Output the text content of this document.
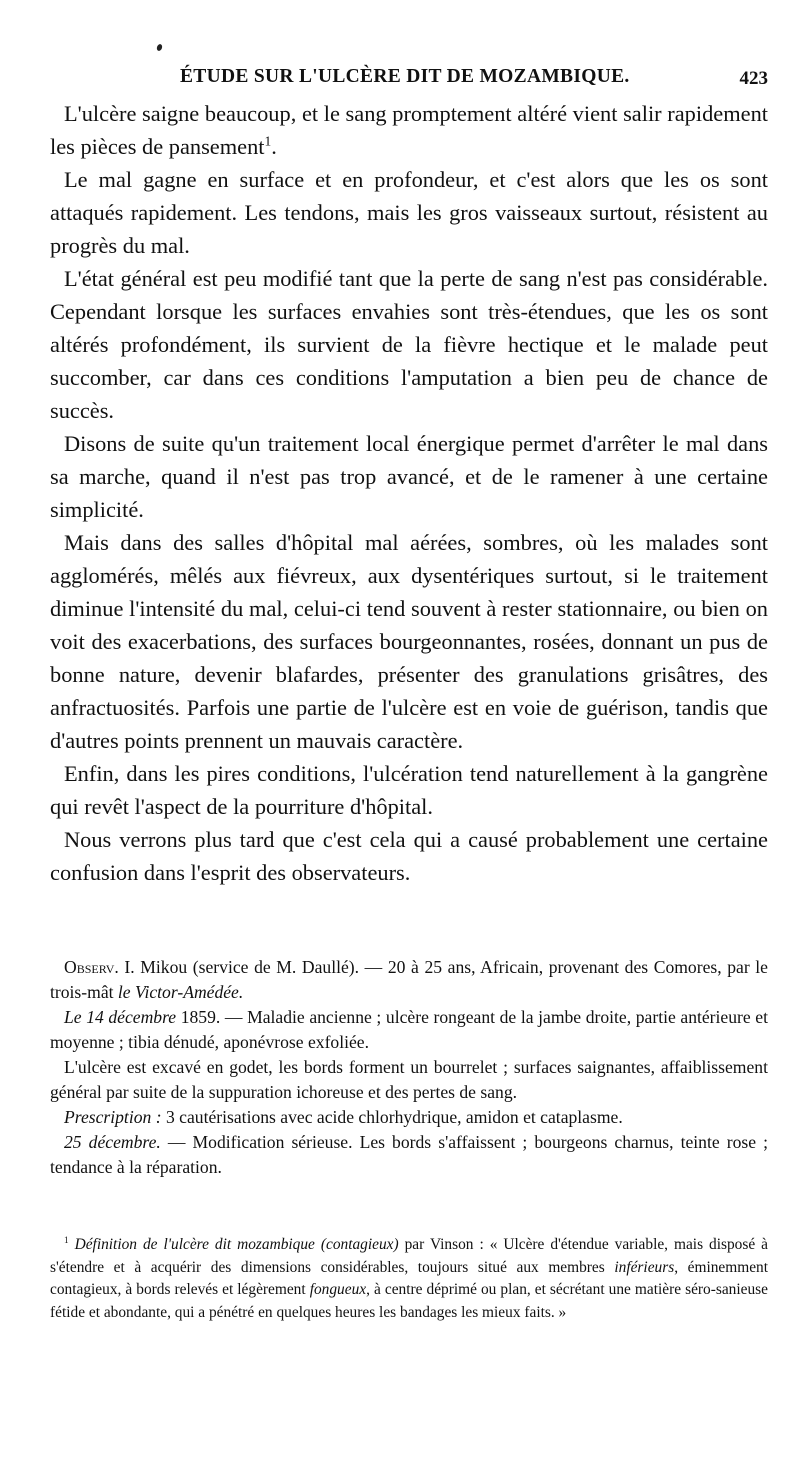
ÉTUDE SUR L'ULCÈRE DIT DE MOZAMBIQUE.	423

L'ulcère saigne beaucoup, et le sang promptement altéré vient salir rapidement les pièces de pansement$^1$.

Le mal gagne en surface et en profondeur, et c'est alors que les os sont attaqués rapidement. Les tendons, mais les gros vaisseaux surtout, résistent au progrès du mal.

L'état général est peu modifié tant que la perte de sang n'est pas considérable. Cependant lorsque les surfaces envahies sont très-étendues, que les os sont altérés profondément, ils survient de la fièvre hectique et le malade peut succomber, car dans ces conditions l'amputation a bien peu de chance de succès.

Disons de suite qu'un traitement local énergique permet d'arrêter le mal dans sa marche, quand il n'est pas trop avancé, et de le ramener à une certaine simplicité.

Mais dans des salles d'hôpital mal aérées, sombres, où les malades sont agglomérés, mêlés aux fiévreux, aux dysentériques surtout, si le traitement diminue l'intensité du mal, celui-ci tend souvent à rester stationnaire, ou bien on voit des exacerbations, des surfaces bourgeonnantes, rosées, donnant un pus de bonne nature, devenir blafardes, présenter des granulations grisâtres, des anfractuosités. Parfois une partie de l'ulcère est en voie de guérison, tandis que d'autres points prennent un mauvais caractère.

Enfin, dans les pires conditions, l'ulcération tend naturellement à la gangrène qui revêt l'aspect de la pourriture d'hôpital.

Nous verrons plus tard que c'est cela qui a causé probablement une certaine confusion dans l'esprit des observateurs.

Observ. I. Mikou (service de M. Daullé). — 20 à 25 ans, Africain, provenant des Comores, par le trois-mât le Victor-Amédée.

Le 14 décembre 1859. — Maladie ancienne ; ulcère rongeant de la jambe droite, partie antérieure et moyenne ; tibia dénudé, aponévrose exfoliée.

L'ulcère est excavé en godet, les bords forment un bourrelet ; surfaces saignantes, affaiblissement général par suite de la suppuration ichoreuse et des pertes de sang.

Prescription : 3 cautérisations avec acide chlorhydrique, amidon et cataplasme.

25 décembre. — Modification sérieuse. Les bords s'affaissent ; bourgeons charnus, teinte rose ; tendance à la réparation.

$^1$ Définition de l'ulcère dit mozambique (contagieux) par Vinson : « Ulcère d'étendue variable, mais disposé à s'étendre et à acquérir des dimensions considérables, toujours situé aux membres inférieurs, éminemment contagieux, à bords relevés et légèrement fongueux, à centre déprimé ou plan, et sécrétant une matière séro-sanieuse fétide et abondante, qui a pénétré en quelques heures les bandages les mieux faits. »
